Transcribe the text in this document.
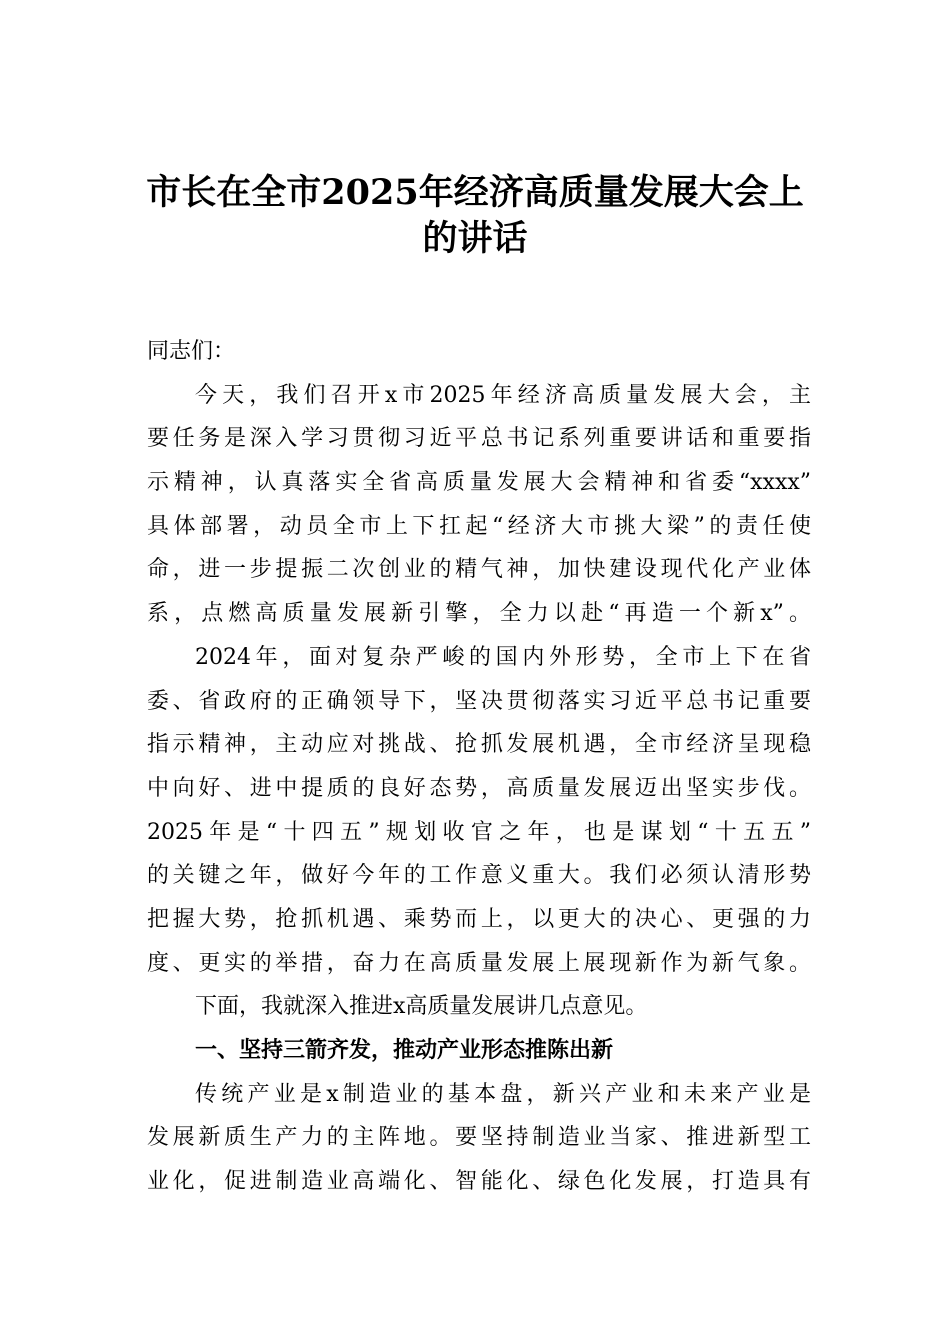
市长在全市2025年经济高质量发展大会上
的讲话
同志们：
今天，我们召开x市2025年经济高质量发展大会，主
要任务是深入学习贯彻习近平总书记系列重要讲话和重要指
示精神，认真落实全省高质量发展大会精神和省委“xxxx”
具体部署，动员全市上下扛起“经济大市挑大梁”的责任使
命，进一步提振二次创业的精气神，加快建设现代化产业体
系，点燃高质量发展新引擎，全力以赴“再造一个新x”。
2024年，面对复杂严峻的国内外形势，全市上下在省
委、省政府的正确领导下，坚决贯彻落实习近平总书记重要
指示精神，主动应对挑战、抢抓发展机遇，全市经济呈现稳
中向好、进中提质的良好态势，高质量发展迈出坚实步伐。
2025年是“十四五”规划收官之年，也是谋划“十五五”
的关键之年，做好今年的工作意义重大。我们必须认清形势
把握大势，抢抓机遇、乘势而上，以更大的决心、更强的力
度、更实的举措，奋力在高质量发展上展现新作为新气象。
下面，我就深入推进x高质量发展讲几点意见。
一、坚持三箭齐发，推动产业形态推陈出新
传统产业是x制造业的基本盘，新兴产业和未来产业是
发展新质生产力的主阵地。要坚持制造业当家、推进新型工
业化，促进制造业高端化、智能化、绿色化发展，打造具有
